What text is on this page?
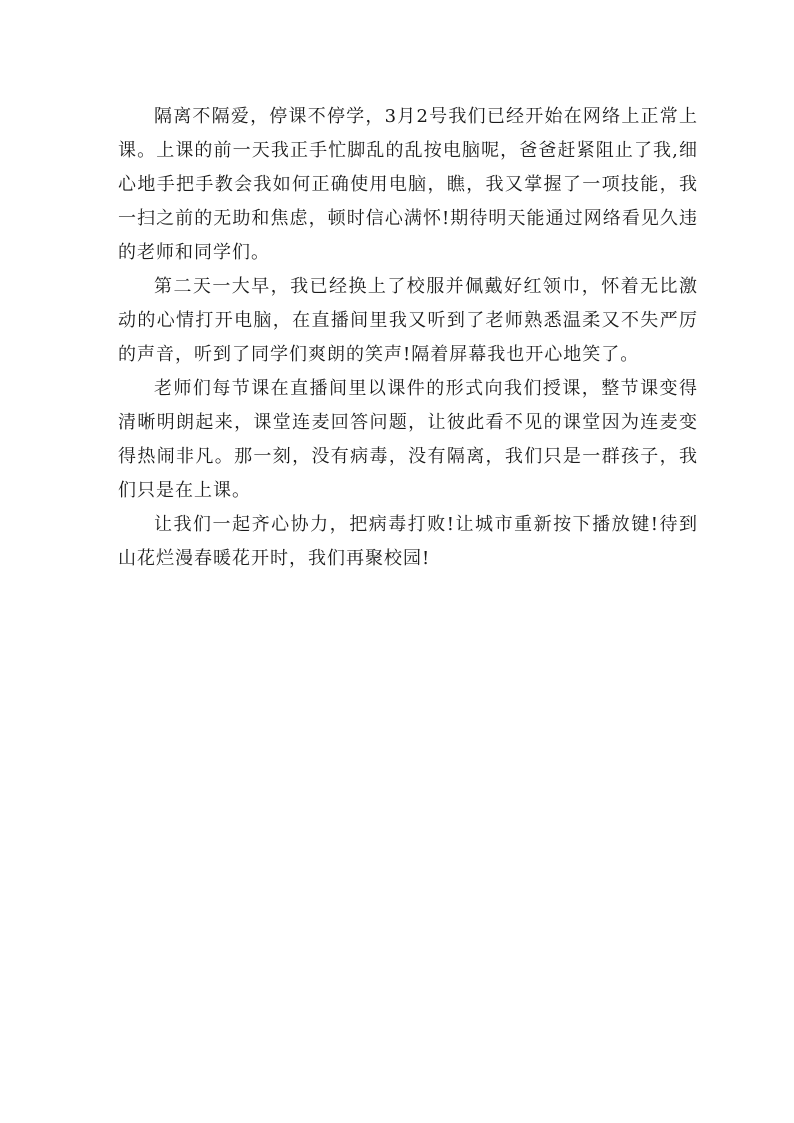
隔离不隔爱，停课不停学，3月2号我们已经开始在网络上正常上课。上课的前一天我正手忙脚乱的乱按电脑呢，爸爸赶紧阻止了我,细心地手把手教会我如何正确使用电脑，瞧，我又掌握了一项技能，我一扫之前的无助和焦虑，顿时信心满怀!期待明天能通过网络看见久违的老师和同学们。

第二天一大早，我已经换上了校服并佩戴好红领巾，怀着无比激动的心情打开电脑，在直播间里我又听到了老师熟悉温柔又不失严厉的声音，听到了同学们爽朗的笑声!隔着屏幕我也开心地笑了。

老师们每节课在直播间里以课件的形式向我们授课，整节课变得清晰明朗起来，课堂连麦回答问题，让彼此看不见的课堂因为连麦变得热闹非凡。那一刻，没有病毒，没有隔离，我们只是一群孩子，我们只是在上课。

让我们一起齐心协力，把病毒打败!让城市重新按下播放键!待到山花烂漫春暖花开时，我们再聚校园!
